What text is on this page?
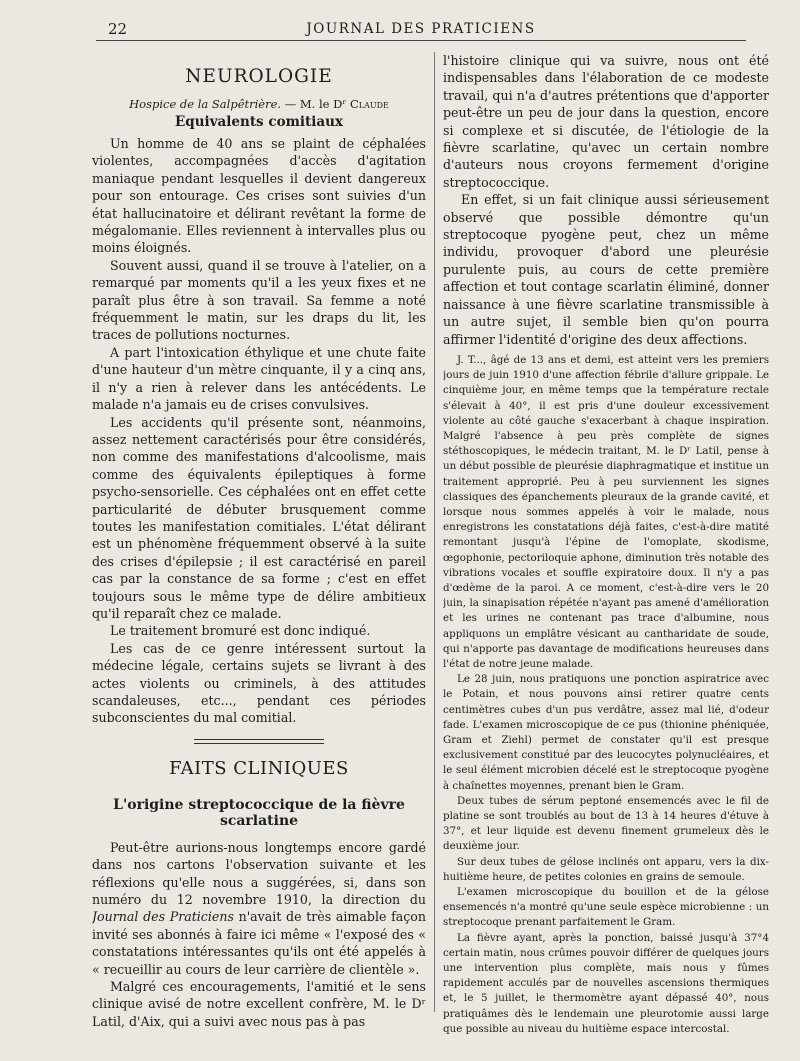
22	JOURNAL DES PRATICIENS
NEUROLOGIE

Hospice de la Salpêtrière. — M. le Dʳ Claude

Equivalents comitiaux

Un homme de 40 ans se plaint de céphalées violentes, accompagnées d'accès d'agitation maniaque pendant lesquelles il devient dangereux pour son entourage. Ces crises sont suivies d'un état hallucinatoire et délirant revêtant la forme de mégalomanie. Elles reviennent à intervalles plus ou moins éloignés.

Souvent aussi, quand il se trouve à l'atelier, on a remarqué par moments qu'il a les yeux fixes et ne paraît plus être à son travail. Sa femme a noté fréquemment le matin, sur les draps du lit, les traces de pollutions nocturnes.

A part l'intoxication éthylique et une chute faite d'une hauteur d'un mètre cinquante, il y a cinq ans, il n'y a rien à relever dans les antécédents. Le malade n'a jamais eu de crises convulsives.

Les accidents qu'il présente sont, néanmoins, assez nettement caractérisés pour être considérés, non comme des manifestations d'alcoolisme, mais comme des équivalents épileptiques à forme psycho-sensorielle. Ces céphalées ont en effet cette particularité de débuter brusquement comme toutes les manifestation comitiales. L'état délirant est un phénomène fréquemment observé à la suite des crises d'épilepsie ; il est caractérisé en pareil cas par la constance de sa forme ; c'est en effet toujours sous le même type de délire ambitieux qu'il reparaît chez ce malade.

Le traitement bromuré est donc indiqué.

Les cas de ce genre intéressent surtout la médecine légale, certains sujets se livrant à des actes violents ou criminels, à des attitudes scandaleuses, etc..., pendant ces périodes subconscientes du mal comitial.

FAITS CLINIQUES
L'origine streptococcique de la fièvre scarlatine

Peut-être aurions-nous longtemps encore gardé dans nos cartons l'observation suivante et les réflexions qu'elle nous a suggérées, si, dans son numéro du 12 novembre 1910, la direction du Journal des Praticiens n'avait de très aimable façon invité ses abonnés à faire ici même « l'exposé des « constatations intéressantes qu'ils ont été appelés à « recueillir au cours de leur carrière de clientèle ».

Malgré ces encouragements, l'amitié et le sens clinique avisé de notre excellent confrère, M. le Dʳ Latil, d'Aix, qui a suivi avec nous pas à pas

l'histoire clinique qui va suivre, nous ont été indispensables dans l'élaboration de ce modeste travail, qui n'a d'autres prétentions que d'apporter peut-être un peu de jour dans la question, encore si complexe et si discutée, de l'étiologie de la fièvre scarlatine, qu'avec un certain nombre d'auteurs nous croyons fermement d'origine streptococcique.

En effet, si un fait clinique aussi sérieusement observé que possible démontre qu'un streptocoque pyogène peut, chez un même individu, provoquer d'abord une pleurésie purulente puis, au cours de cette première affection et tout contage scarlatin éliminé, donner naissance à une fièvre scarlatine transmissible à un autre sujet, il semble bien qu'on pourra affirmer l'identité d'origine des deux affections.

J. T..., âgé de 13 ans et demi, est atteint vers les premiers jours de juin 1910 d'une affection fébrile d'allure grippale. Le cinquième jour, en même temps que la température rectale s'élevait à 40°, il est pris d'une douleur excessivement violente au côté gauche s'exacerbant à chaque inspiration. Malgré l'absence à peu près complète de signes stéthoscopiques, le médecin traitant, M. le Dʳ Latil, pense à un début possible de pleurésie diaphragmatique et institue un traitement approprié. Peu à peu surviennent les signes classiques des épanchements pleuraux de la grande cavité, et lorsque nous sommes appelés à voir le malade, nous enregistrons les constatations déjà faites, c'est-à-dire matité remontant jusqu'à l'épine de l'omoplate, skodisme, œgophonie, pectoriloquie aphone, diminution très notable des vibrations vocales et souffle expiratoire doux. Il n'y a pas d'œdème de la paroi. A ce moment, c'est-à-dire vers le 20 juin, la sinapisation répétée n'ayant pas amené d'amélioration et les urines ne contenant pas trace d'albumine, nous appliquons un emplâtre vésicant au cantharidate de soude, qui n'apporte pas davantage de modifications heureuses dans l'état de notre jeune malade.

Le 28 juin, nous pratiquons une ponction aspiratrice avec le Potain, et nous pouvons ainsi retirer quatre cents centimètres cubes d'un pus verdâtre, assez mal lié, d'odeur fade. L'examen microscopique de ce pus (thionine phéniquée, Gram et Ziehl) permet de constater qu'il est presque exclusivement constitué par des leucocytes polynucléaires, et le seul élément microbien décelé est le streptocoque pyogène à chaînettes moyennes, prenant bien le Gram.

Deux tubes de sérum peptoné ensemencés avec le fil de platine se sont troublés au bout de 13 à 14 heures d'étuve à 37°, et leur liquide est devenu finement grumeleux dès le deuxième jour.

Sur deux tubes de gélose inclinés ont apparu, vers la dix-huitième heure, de petites colonies en grains de semoule.

L'examen microscopique du bouillon et de la gélose ensemencés n'a montré qu'une seule espèce microbienne : un streptocoque prenant parfaitement le Gram.

La fièvre ayant, après la ponction, baissé jusqu'à 37°4 certain matin, nous crûmes pouvoir différer de quelques jours une intervention plus complète, mais nous y fûmes rapidement acculés par de nouvelles ascensions thermiques et, le 5 juillet, le thermomètre ayant dépassé 40°, nous pratiquâmes dès le lendemain une pleurotomie aussi large que possible au niveau du huitième espace intercostal.
